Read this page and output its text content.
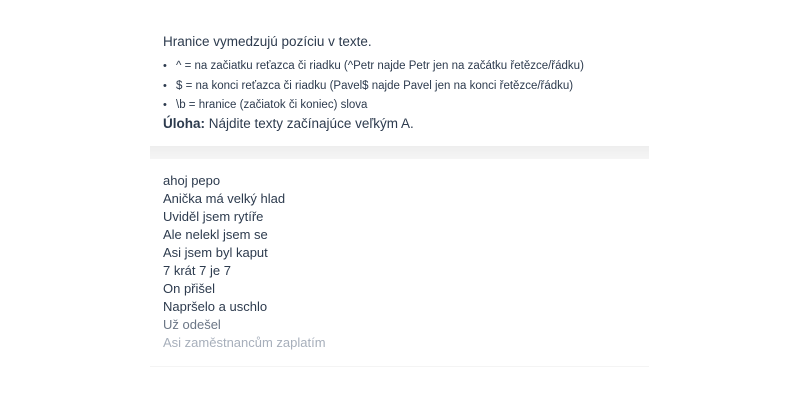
Hranice vymedzujú pozíciu v texte.

• ^ = na začiatku reťazca či riadku (^Petr najde Petr jen na začátku řetězce/řádku)
• $ = na konci reťazca či riadku (Pavel$ najde Pavel jen na konci řetězce/řádku)
• \b = hranice (začiatok či koniec) slova

Úloha: Nájdite texty začínajúce veľkým A.

ahoj pepo
Anička má velký hlad
Uviděl jsem rytíře
Ale nelekl jsem se
Asi jsem byl kaput
7 krát 7 je 7
On přišel
Napršelo a uschlo
Už odešel
Asi zaměstnancům zaplatím
